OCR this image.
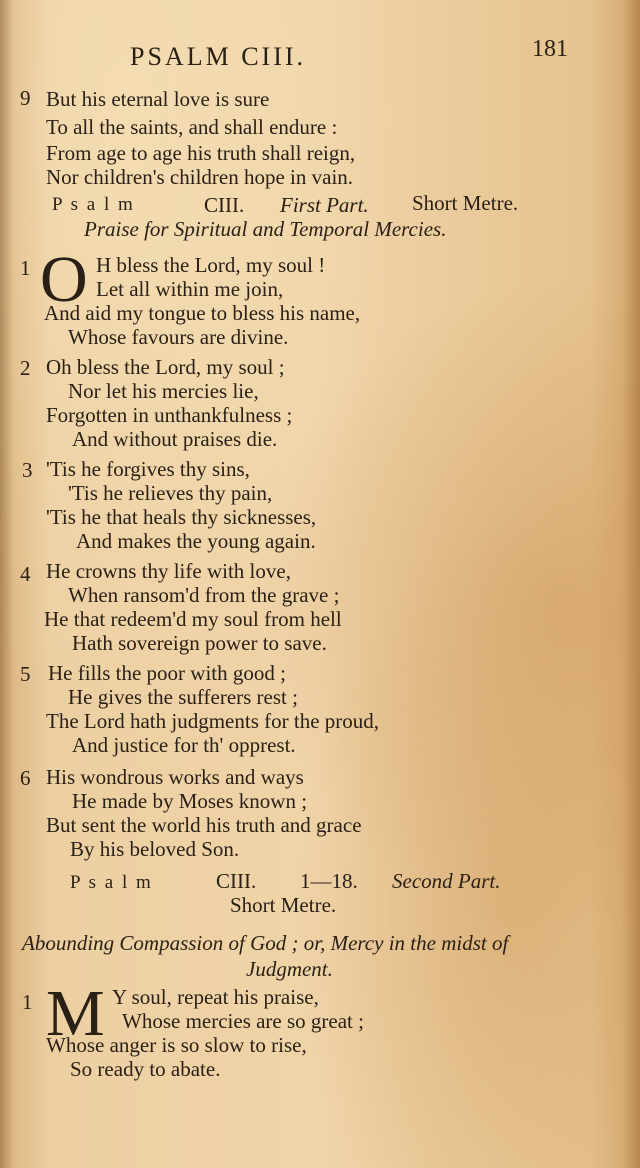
PSALM CIII.	181
9 But his eternal love is sure
To all the saints, and shall endure :
From age to age his truth shall reign,
Nor children's children hope in vain.
P s a l m	CIII. First Part. Short Metre.
Praise for Spiritual and Temporal Mercies.
1 O H bless the Lord, my soul !
Let all within me join,
And aid my tongue to bless his name,
Whose favours are divine.
2 Oh bless the Lord, my soul ;
Nor let his mercies lie,
Forgotten in unthankfulness ;
And without praises die.
3 'Tis he forgives thy sins,
'Tis he relieves thy pain,
'Tis he that heals thy sicknesses,
And makes the young again.
4 He crowns thy life with love,
When ransom'd from the grave ;
He that redeem'd my soul from hell
Hath sovereign power to save.
5 He fills the poor with good ;
He gives the sufferers rest ;
The Lord hath judgments for the proud,
And justice for th' opprest.
6 His wondrous works and ways
He made by Moses known ;
But sent the world his truth and grace
By his beloved Son.
P s a l m	CIII. 1—18. Second Part.
Short Metre.
Abounding Compassion of God ; or, Mercy in the midst of
Judgment.
1 M Y soul, repeat his praise,
Whose mercies are so great ;
Whose anger is so slow to rise,
So ready to abate.
